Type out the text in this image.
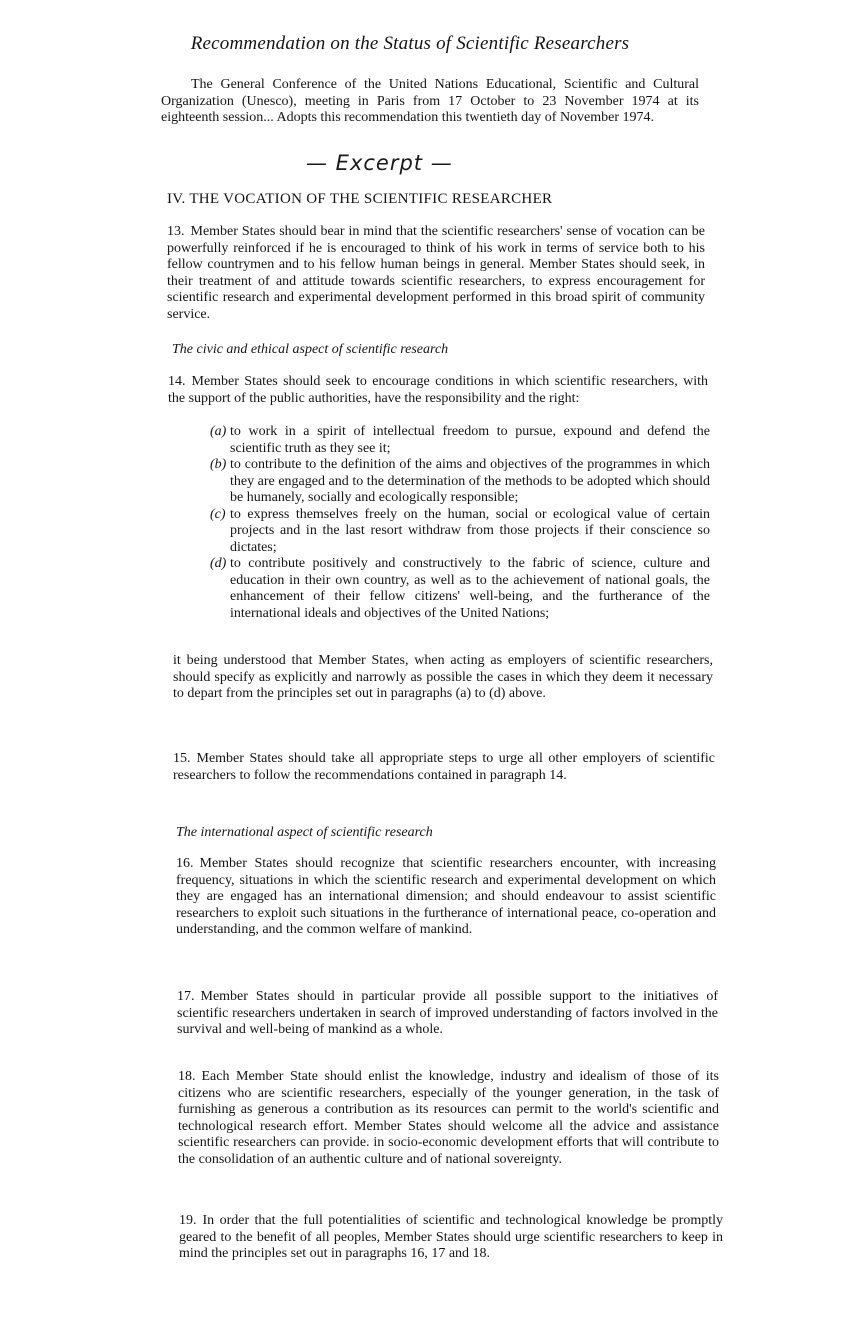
Recommendation on the Status of Scientific Researchers
The General Conference of the United Nations Educational, Scientific and Cultural Organization (Unesco), meeting in Paris from 17 October to 23 November 1974 at its eighteenth session... Adopts this recommendation this twentieth day of November 1974.
— Excerpt —
IV. THE VOCATION OF THE SCIENTIFIC RESEARCHER
13. Member States should bear in mind that the scientific researchers' sense of vocation can be powerfully reinforced if he is encouraged to think of his work in terms of service both to his fellow countrymen and to his fellow human beings in general. Member States should seek, in their treatment of and attitude towards scientific researchers, to express encouragement for scientific research and experimental development performed in this broad spirit of community service.
The civic and ethical aspect of scientific research
14. Member States should seek to encourage conditions in which scientific researchers, with the support of the public authorities, have the responsibility and the right:
(a) to work in a spirit of intellectual freedom to pursue, expound and defend the scientific truth as they see it;
(b) to contribute to the definition of the aims and objectives of the programmes in which they are engaged and to the determination of the methods to be adopted which should be humanely, socially and ecologically responsible;
(c) to express themselves freely on the human, social or ecological value of certain projects and in the last resort withdraw from those projects if their conscience so dictates;
(d) to contribute positively and constructively to the fabric of science, culture and education in their own country, as well as to the achievement of national goals, the enhancement of their fellow citizens' well-being, and the furtherance of the international ideals and objectives of the United Nations;
it being understood that Member States, when acting as employers of scientific researchers, should specify as explicitly and narrowly as possible the cases in which they deem it necessary to depart from the principles set out in paragraphs (a) to (d) above.
15. Member States should take all appropriate steps to urge all other employers of scientific researchers to follow the recommendations contained in paragraph 14.
The international aspect of scientific research
16. Member States should recognize that scientific researchers encounter, with increasing frequency, situations in which the scientific research and experimental development on which they are engaged has an international dimension; and should endeavour to assist scientific researchers to exploit such situations in the furtherance of international peace, co-operation and understanding, and the common welfare of mankind.
17. Member States should in particular provide all possible support to the initiatives of scientific researchers undertaken in search of improved understanding of factors involved in the survival and well-being of mankind as a whole.
18. Each Member State should enlist the knowledge, industry and idealism of those of its citizens who are scientific researchers, especially of the younger generation, in the task of furnishing as generous a contribution as its resources can permit to the world's scientific and technological research effort. Member States should welcome all the advice and assistance scientific researchers can provide. in socio-economic development efforts that will contribute to the consolidation of an authentic culture and of national sovereignty.
19. In order that the full potentialities of scientific and technological knowledge be promptly geared to the benefit of all peoples, Member States should urge scientific researchers to keep in mind the principles set out in paragraphs 16, 17 and 18.
